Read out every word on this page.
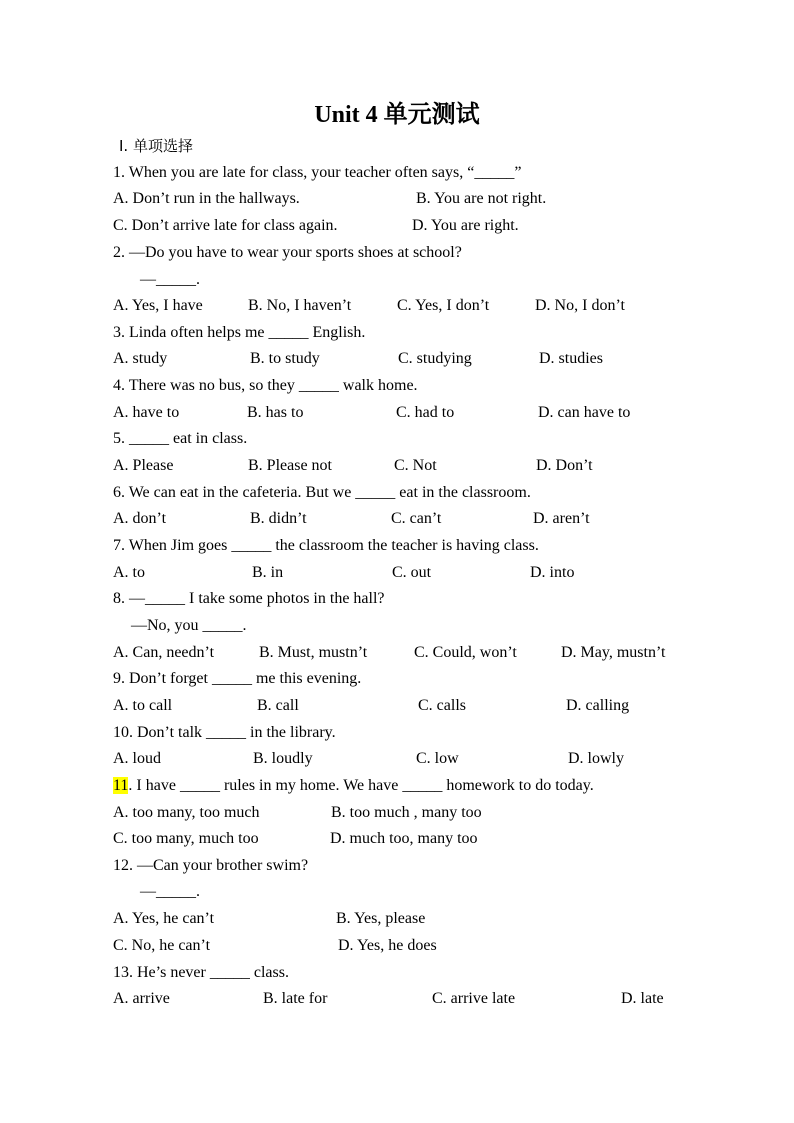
Unit 4 单元测试
Ⅰ. 单项选择
1. When you are late for class, your teacher often says, “_____”
A. Don’t run in the hallways.	B. You are not right.
C. Don’t arrive late for class again.	D. You are right.
2. —Do you have to wear your sports shoes at school?
—_____.
A. Yes, I have	B. No, I haven’t	C. Yes, I don’t	D. No, I don’t
3. Linda often helps me _____ English.
A. study	B. to study	C. studying	D. studies
4. There was no bus, so they _____ walk home.
A. have to	B. has to	C. had to	D. can have to
5. _____ eat in class.
A. Please	B. Please not	C. Not	D. Don’t
6. We can eat in the cafeteria. But we _____ eat in the classroom.
A. don’t	B. didn’t	C. can’t	D. aren’t
7. When Jim goes _____ the classroom the teacher is having class.
A. to	B. in	C. out	D. into
8. —_____ I take some photos in the hall?
—No, you _____.
A. Can, needn’t	B. Must, mustn’t	C. Could, won’t	D. May, mustn’t
9. Don’t forget _____ me this evening.
A. to call	B. call	C. calls	D. calling
10. Don’t talk _____ in the library.
A. loud	B. loudly	C. low	D. lowly
11. I have _____ rules in my home. We have _____ homework to do today.
A. too many, too much	B. too much , many too
C. too many, much too	D. much too, many too
12. —Can your brother swim?
—_____.
A. Yes, he can’t	B. Yes, please
C. No, he can’t	D. Yes, he does
13. He’s never _____ class.
A. arrive	B. late for	C. arrive late	D. late
